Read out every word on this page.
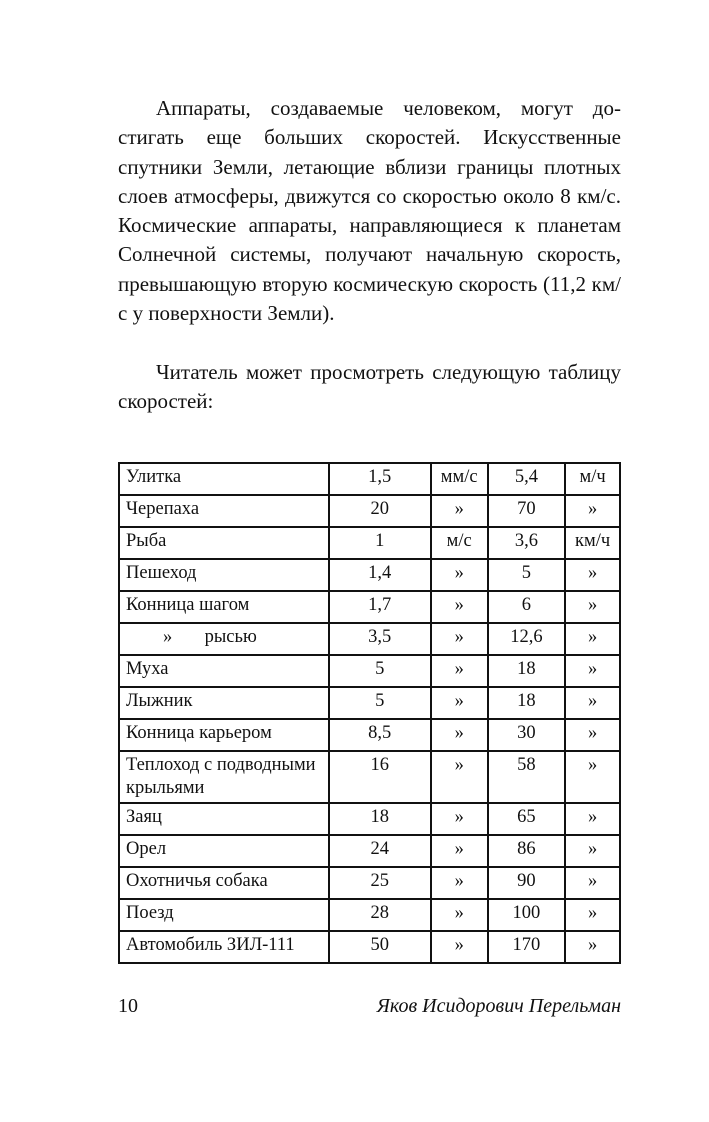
Аппараты, создаваемые человеком, могут достигать еще больших скоростей. Искусственные спутники Земли, летающие вблизи границы плотных слоев атмосферы, движутся со скоростью около 8 км/с. Космические аппараты, направляющиеся к планетам Солнечной системы, получают начальную скорость, превышающую вторую космическую скорость (11,2 км/с у поверхности Земли).

Читатель может просмотреть следующую таблицу скоростей:

Улитка	1,5	мм/с	5,4	м/ч
Черепаха	20	»	70	»
Рыба	1	м/с	3,6	км/ч
Пешеход	1,4	»	5	»
Конница шагом	1,7	»	6	»
»       рысью	3,5	»	12,6	»
Муха	5	»	18	»
Лыжник	5	»	18	»
Конница карьером	8,5	»	30	»
Теплоход с подводными крыльями	16	»	58	»
Заяц	18	»	65	»
Орел	24	»	86	»
Охотничья собака	25	»	90	»
Поезд	28	»	100	»
Автомобиль ЗИЛ-111	50	»	170	»
10	Яков Исидорович Перельман
